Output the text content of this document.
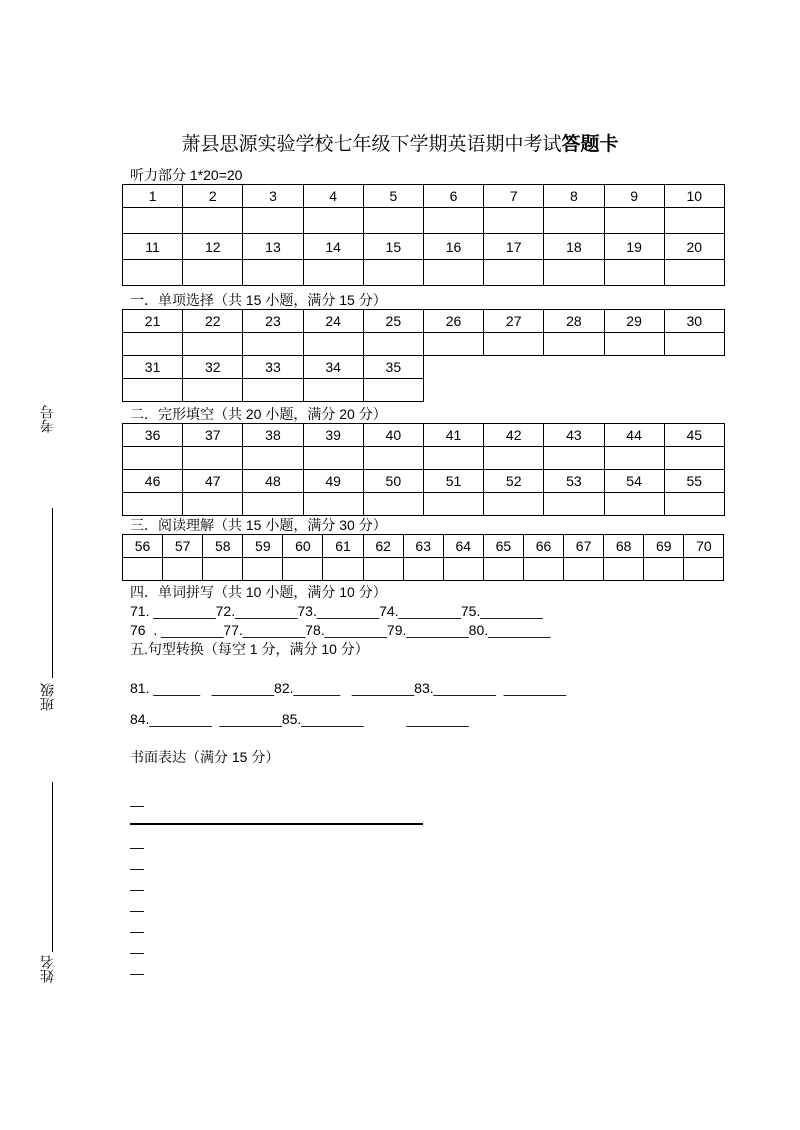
萧县思源实验学校七年级下学期英语期中考试答题卡
考号
班级
姓名
听力部分 1*20=20
1	2	3	4	5	6	7	8	9	10

11	12	13	14	15	16	17	18	19	20

一．单项选择（共 15 小题，满分 15 分）
21	22	23	24	25	26	27	28	29	30

31	32	33	34	35					

二．完形填空（共 20 小题，满分 20 分）
36	37	38	39	40	41	42	43	44	45

46	47	48	49	50	51	52	53	54	55

三．阅读理解（共 15 小题，满分 30 分）
56	57	58	59	60	61	62	63	64	65	66	67	68	69	70

四．单词拼写（共 10 小题，满分 10 分）
71. ________72.________73.________74.________75.________
76  . ________77.________78.________79.________80.________
五.句型转换（每空 1 分，满分 10 分）
81. ______   ________82.______   ________83.________  ________
84.________  ________85.________           ________
书面表达（满分 15 分）
—
—
—
—
—
—
—
—
